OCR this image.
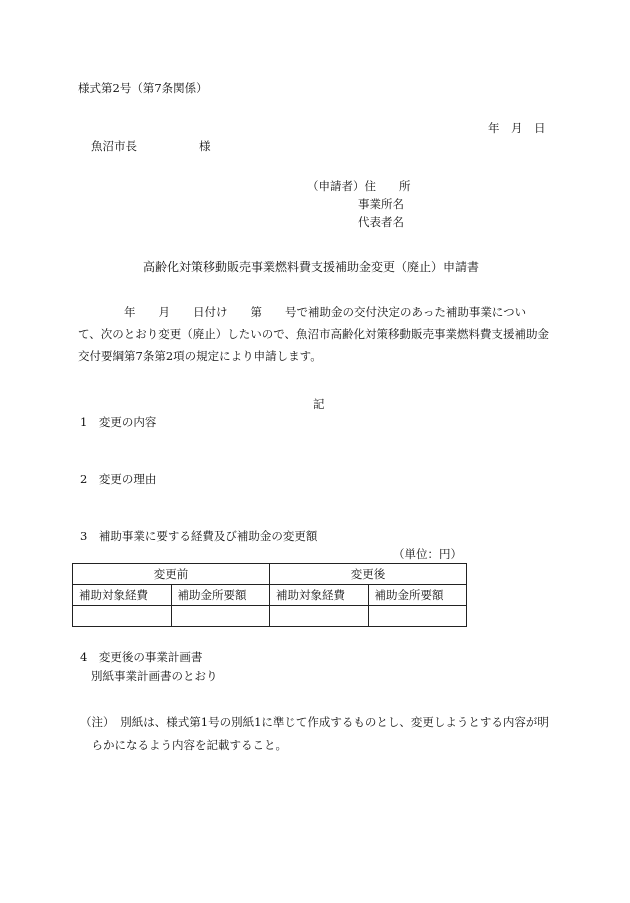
様式第2号（第7条関係）
年　月　日
魚沼市長	様
（申請者）住　　所
事業所名
代表者名
高齢化対策移動販売事業燃料費支援補助金変更（廃止）申請書
　　　　年　　月　　日付け　　第　　号で補助金の交付決定のあった補助事業につい
て、次のとおり変更（廃止）したいので、魚沼市高齢化対策移動販売事業燃料費支援補助金
交付要綱第7条第2項の規定により申請します。
記
1　変更の内容
2　変更の理由
3　補助事業に要する経費及び補助金の変更額
（単位：円）
変更前		変更後	
補助対象経費	補助金所要額	補助対象経費	補助金所要額

4　変更後の事業計画書
別紙事業計画書のとおり
（注）　別紙は、様式第1号の別紙1に準じて作成するものとし、変更しようとする内容が明
　らかになるよう内容を記載すること。
